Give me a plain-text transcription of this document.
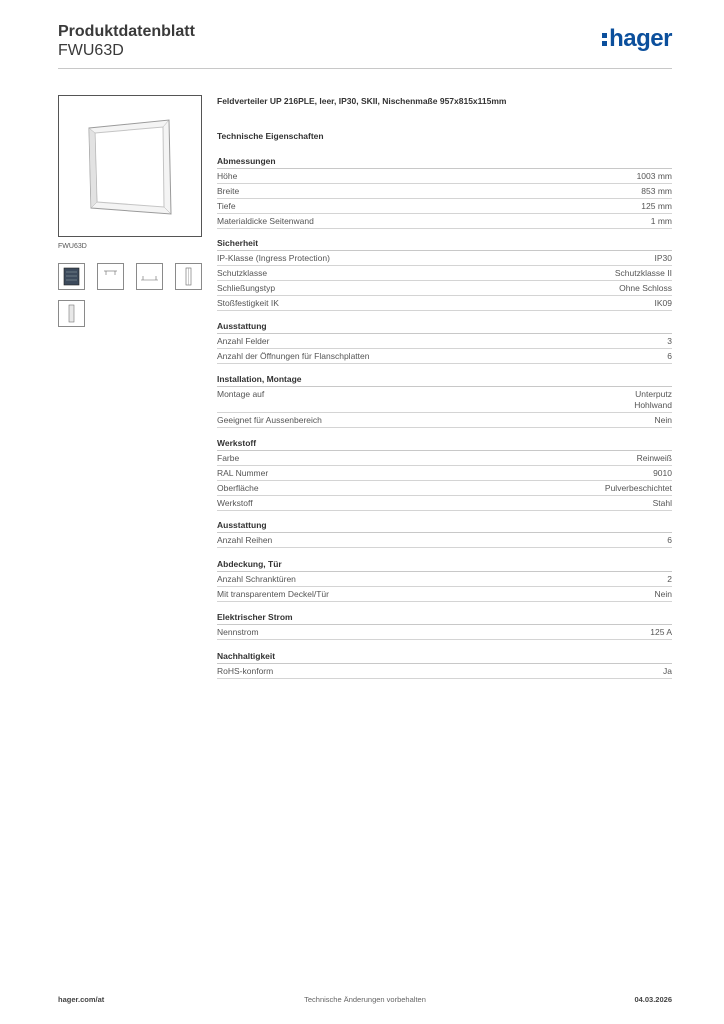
Produktdatenblatt
FWU63D	hager
FWU63D
Feldverteiler UP 216PLE, leer, IP30, SKII, Nischenmaße 957x815x115mm
Technische Eigenschaften
Abmessungen
Höhe	1003 mm
Breite	853 mm
Tiefe	125 mm
Materialdicke Seitenwand	1 mm
Sicherheit
IP-Klasse (Ingress Protection)	IP30
Schutzklasse	Schutzklasse II
Schließungstyp	Ohne Schloss
Stoßfestigkeit IK	IK09
Ausstattung
Anzahl Felder	3
Anzahl der Öffnungen für Flanschplatten	6
Installation, Montage
Montage auf	Unterputz
Hohlwand
Geeignet für Aussenbereich	Nein
Werkstoff
Farbe	Reinweiß
RAL Nummer	9010
Oberfläche	Pulverbeschichtet
Werkstoff	Stahl
Ausstattung
Anzahl Reihen	6
Abdeckung, Tür
Anzahl Schranktüren	2
Mit transparentem Deckel/Tür	Nein
Elektrischer Strom
Nennstrom	125 A
Nachhaltigkeit
RoHS-konform	Ja
Technische Änderungen vorbehalten
hager.com/at	04.03.2026
